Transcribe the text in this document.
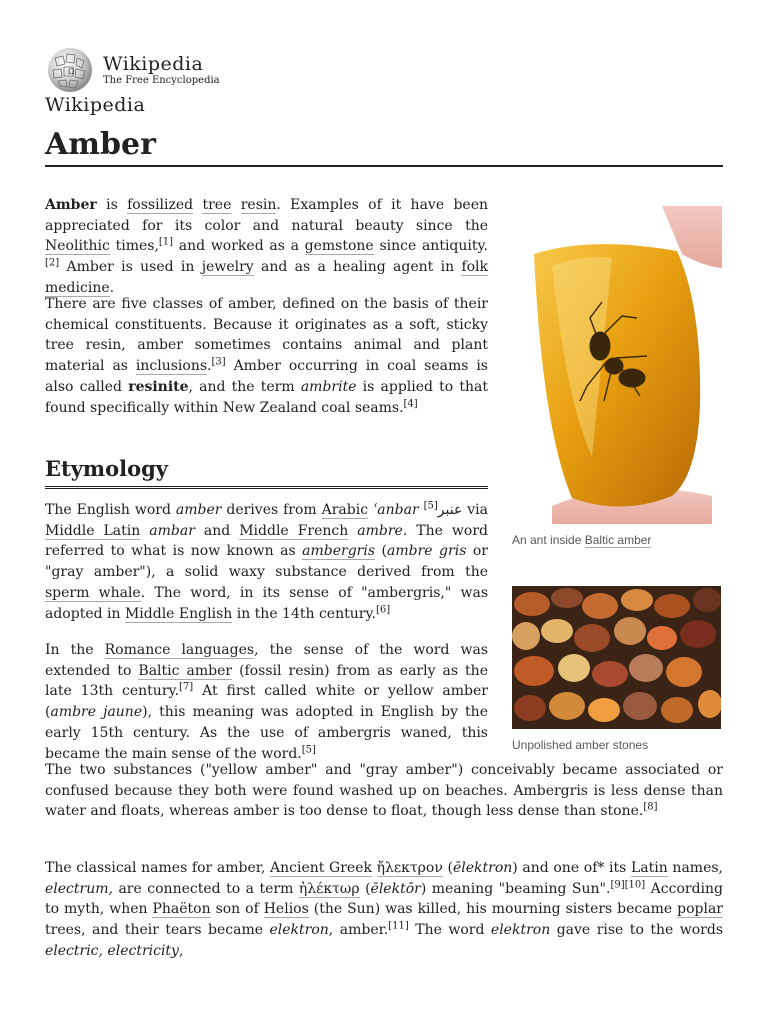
Ω Wikipedia
The Free Encyclopedia
Wikipedia
Amber

Amber is fossilized tree resin. Examples of it have been appreciated for its color and natural beauty since the Neolithic times,[1] and worked as a gemstone since antiquity.[2] Amber is used in jewelry and as a healing agent in folk medicine.

There are five classes of amber, defined on the basis of their chemical constituents. Because it originates as a soft, sticky tree resin, amber sometimes contains animal and plant material as inclusions.[3] Amber occurring in coal seams is also called resinite, and the term ambrite is applied to that found specifically within New Zealand coal seams.[4]

Etymology

The English word amber derives from Arabic ʿanbar عنبر[5] via Middle Latin ambar and Middle French ambre. The word referred to what is now known as ambergris (ambre gris or "gray amber"), a solid waxy substance derived from the sperm whale. The word, in its sense of "ambergris," was adopted in Middle English in the 14th century.[6]

In the Romance languages, the sense of the word was extended to Baltic amber (fossil resin) from as early as the late 13th century.[7] At first called white or yellow amber (ambre jaune), this meaning was adopted in English by the early 15th century. As the use of ambergris waned, this became the main sense of the word.[5]

The two substances ("yellow amber" and "gray amber") conceivably became associated or confused because they both were found washed up on beaches. Ambergris is less dense than water and floats, whereas amber is too dense to float, though less dense than stone.[8]

The classical names for amber, Ancient Greek ἤλεκτρον (ēlektron) and one of* its Latin names, electrum, are connected to a term ἠλέκτωρ (ēlektōr) meaning "beaming Sun".[9][10] According to myth, when Phaëton son of Helios (the Sun) was killed, his mourning sisters became poplar trees, and their tears became elektron, amber.[11] The word elektron gave rise to the words electric, electricity,

An ant inside Baltic amber
Unpolished amber stones
